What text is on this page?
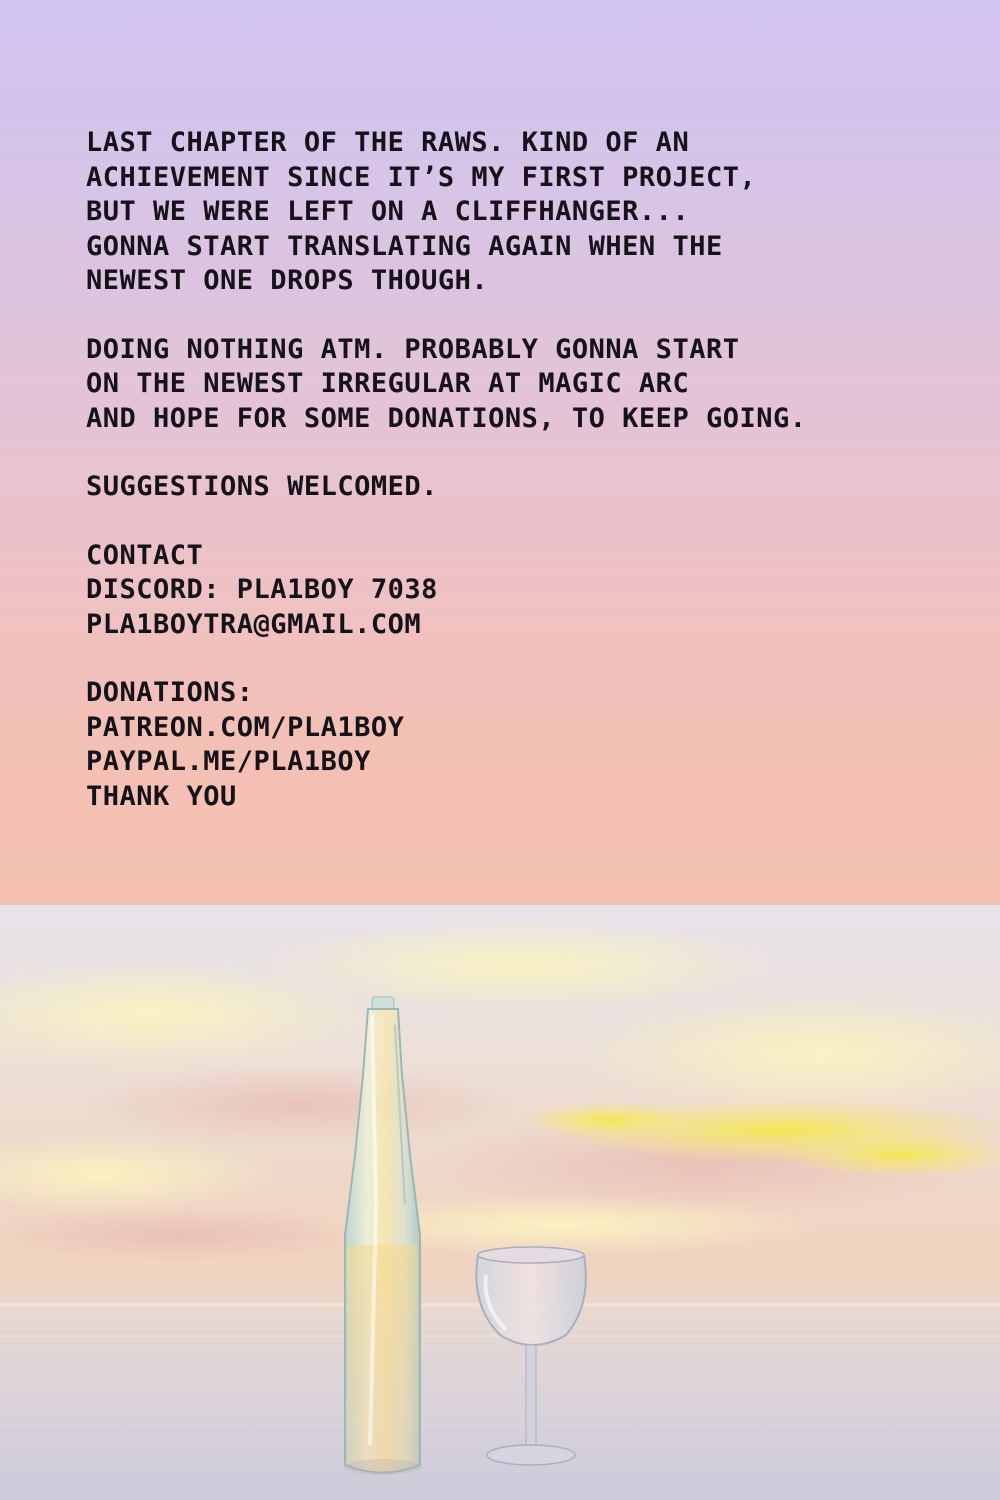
LAST CHAPTER OF THE RAWS. KIND OF AN
ACHIEVEMENT SINCE IT’S MY FIRST PROJECT,
BUT WE WERE LEFT ON A CLIFFHANGER...
GONNA START TRANSLATING AGAIN WHEN THE
NEWEST ONE DROPS THOUGH.
DOING NOTHING ATM. PROBABLY GONNA START
ON THE NEWEST IRREGULAR AT MAGIC ARC
AND HOPE FOR SOME DONATIONS, TO KEEP GOING.
SUGGESTIONS WELCOMED.
CONTACT
DISCORD: PLA1BOY 7038
PLA1BOYTRA@GMAIL.COM
DONATIONS:
PATREON.COM/PLA1BOY
PAYPAL.ME/PLA1BOY
THANK YOU
